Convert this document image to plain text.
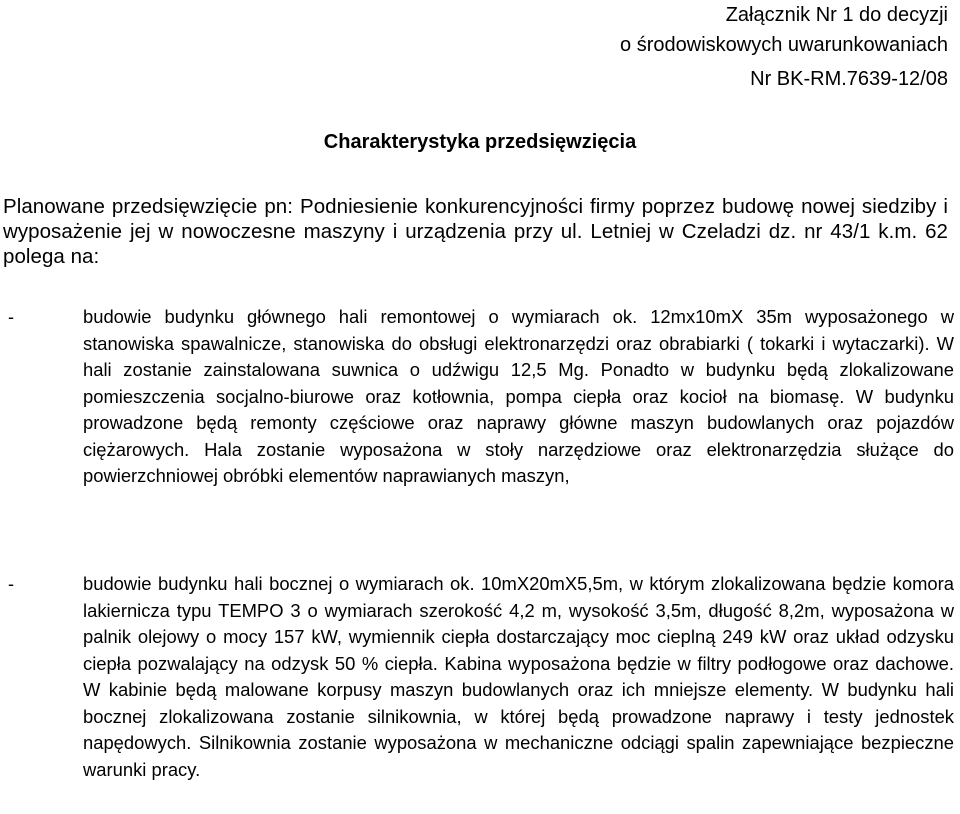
Załącznik Nr 1 do decyzji
o środowiskowych uwarunkowaniach
Nr BK-RM.7639-12/08
Charakterystyka przedsięwzięcia
Planowane przedsięwzięcie pn: Podniesienie konkurencyjności firmy poprzez budowę nowej siedziby i wyposażenie jej w nowoczesne maszyny i urządzenia przy ul. Letniej w Czeladzi dz. nr 43/1 k.m. 62 polega na:
-	budowie budynku głównego hali remontowej o wymiarach ok. 12mx10mX 35m wyposażonego w stanowiska spawalnicze, stanowiska do obsługi elektronarzędzi oraz obrabiarki ( tokarki i wytaczarki). W hali zostanie zainstalowana suwnica o udźwigu 12,5 Mg. Ponadto w budynku będą zlokalizowane pomieszczenia socjalno-biurowe oraz kotłownia, pompa ciepła oraz kocioł na biomasę. W budynku prowadzone będą remonty częściowe oraz naprawy główne maszyn budowlanych oraz pojazdów ciężarowych. Hala zostanie wyposażona w stoły narzędziowe oraz elektronarzędzia służące do powierzchniowej obróbki elementów naprawianych maszyn,
-	budowie budynku hali bocznej o wymiarach ok. 10mX20mX5,5m, w którym zlokalizowana będzie komora lakiernicza typu TEMPO 3 o wymiarach szerokość 4,2 m, wysokość 3,5m, długość 8,2m, wyposażona w palnik olejowy o mocy 157 kW, wymiennik ciepła dostarczający moc cieplną 249 kW oraz układ odzysku ciepła pozwalający na odzysk 50 % ciepła. Kabina wyposażona będzie w filtry podłogowe oraz dachowe. W kabinie będą malowane korpusy maszyn budowlanych oraz ich mniejsze elementy. W budynku hali bocznej zlokalizowana zostanie silnikownia, w której będą prowadzone naprawy i testy jednostek napędowych. Silnikownia zostanie wyposażona w mechaniczne odciągi spalin zapewniające bezpieczne warunki pracy.
